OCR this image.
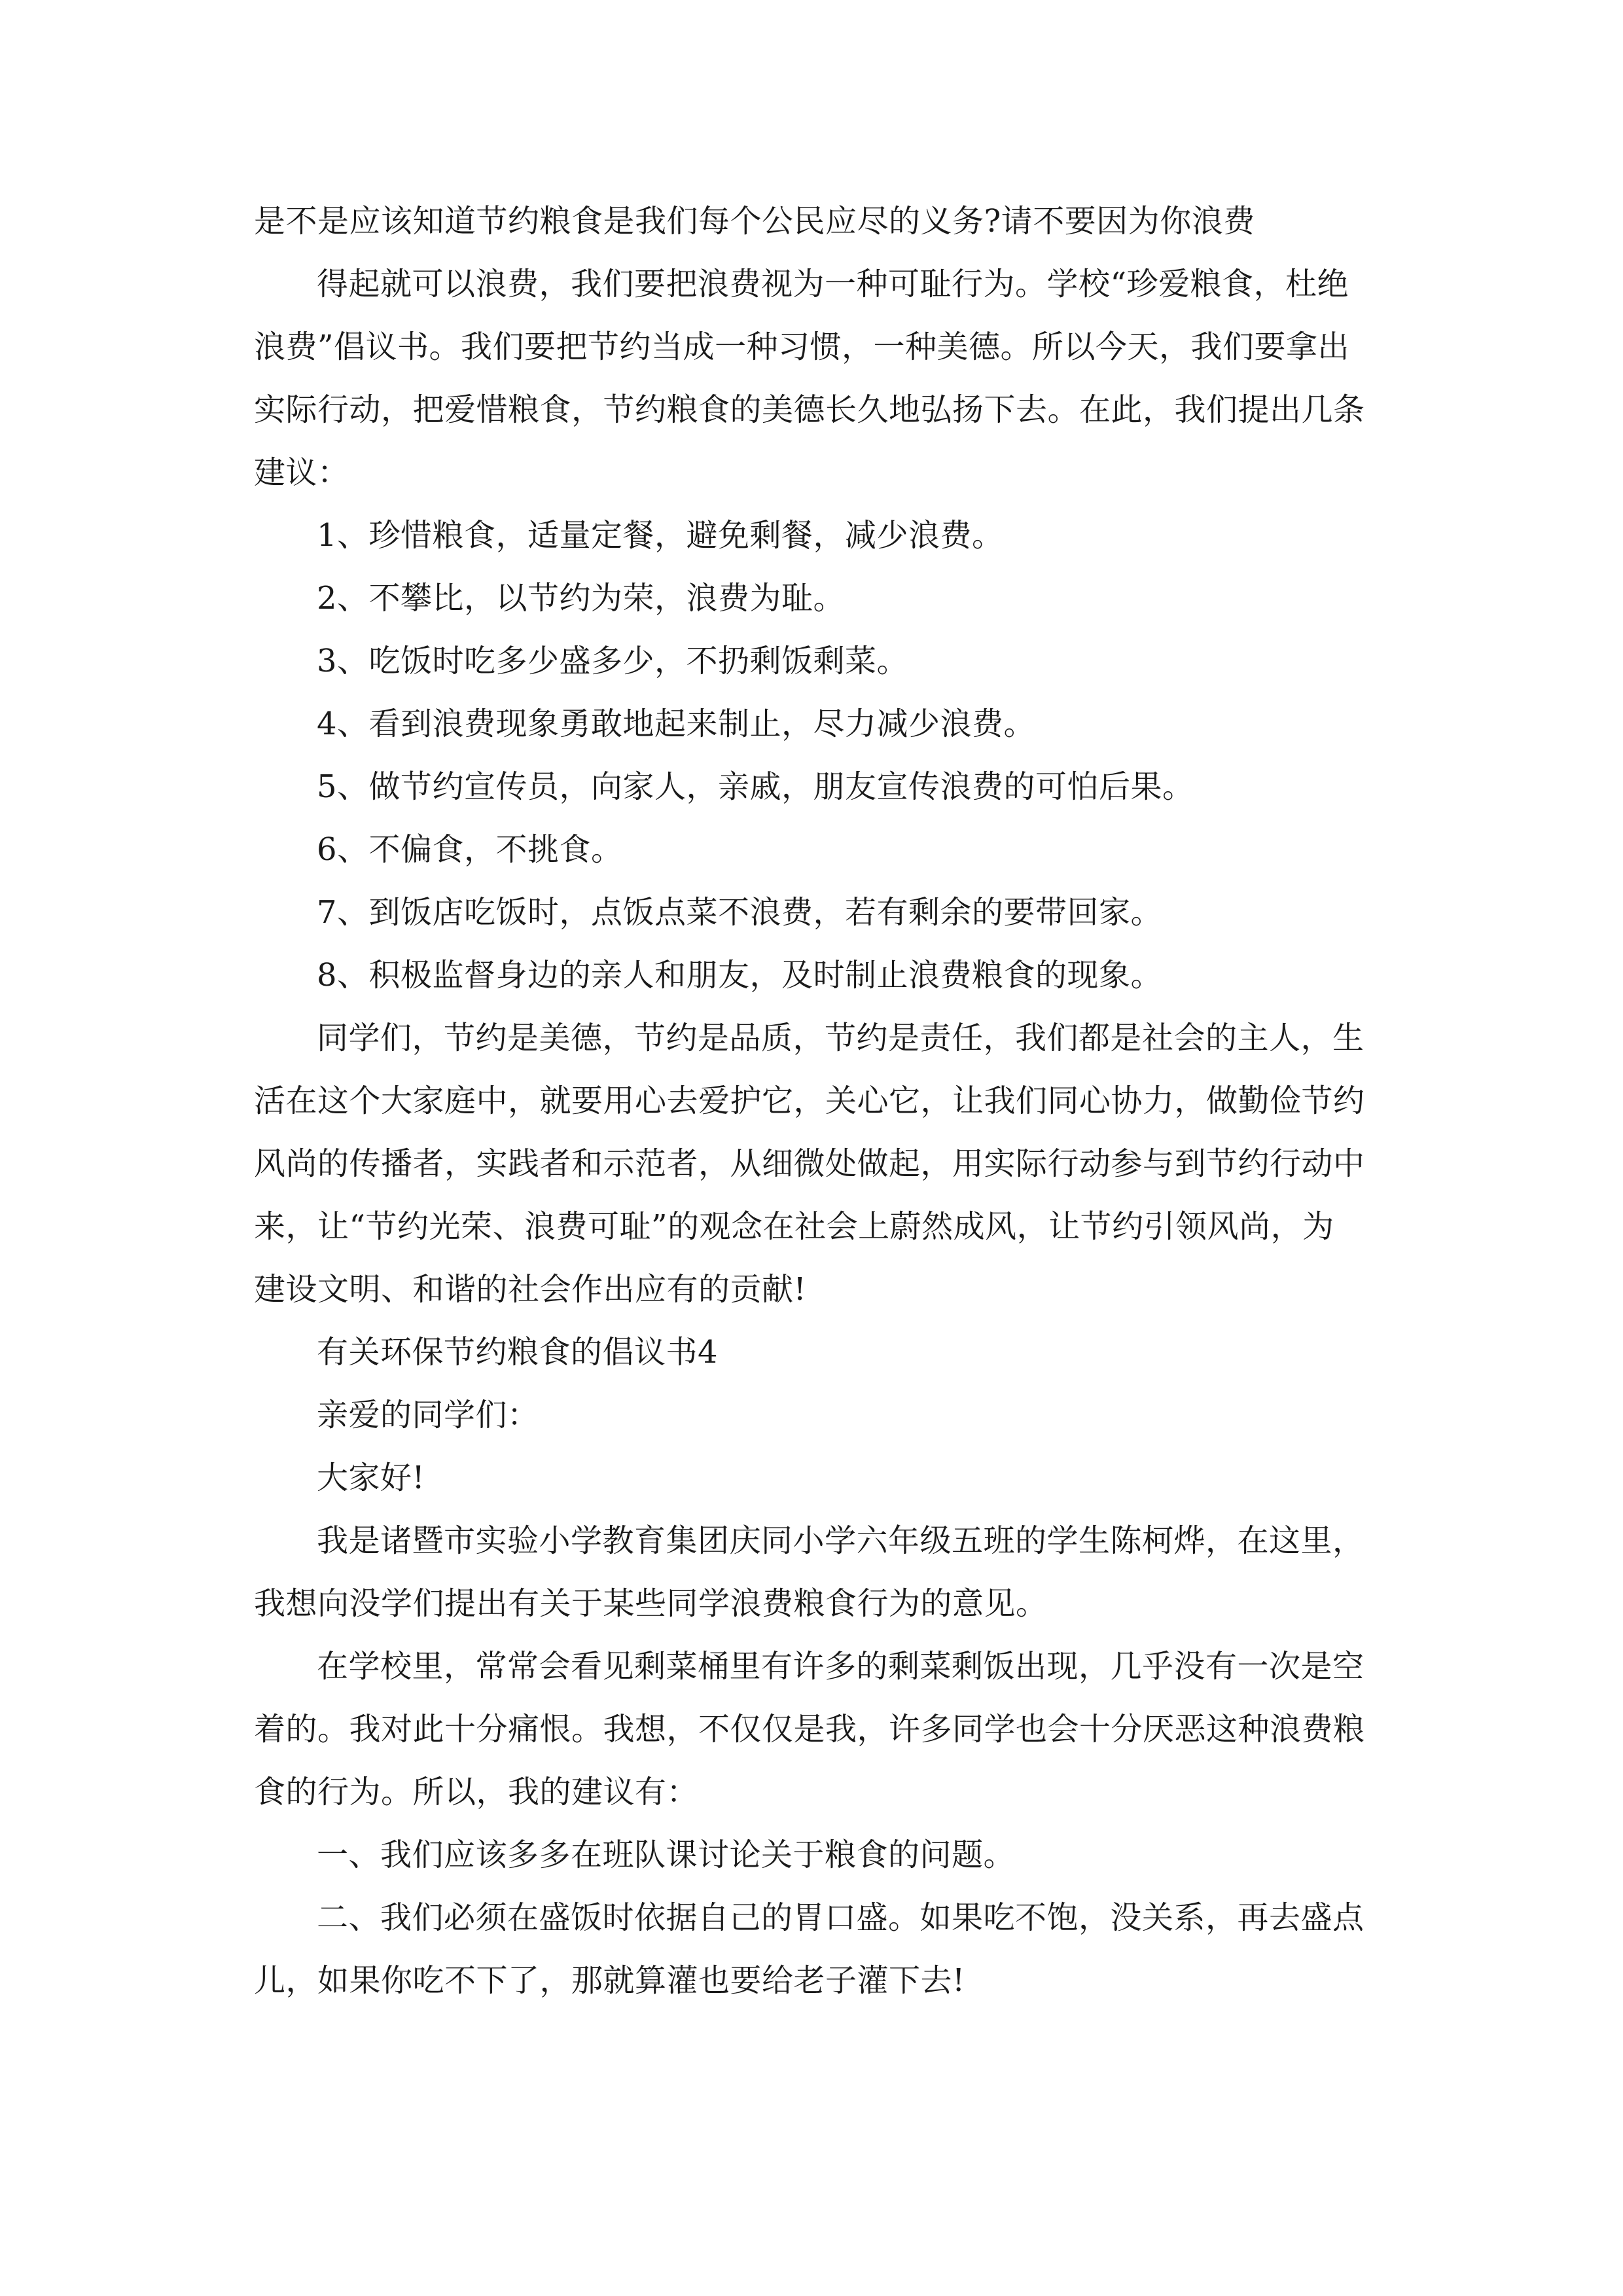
是不是应该知道节约粮食是我们每个公民应尽的义务?请不要因为你浪费
得起就可以浪费，我们要把浪费视为一种可耻行为。学校“珍爱粮食，杜绝
浪费”倡议书。我们要把节约当成一种习惯，一种美德。所以今天，我们要拿出
实际行动，把爱惜粮食，节约粮食的美德长久地弘扬下去。在此，我们提出几条
建议：
1、珍惜粮食，适量定餐，避免剩餐，减少浪费。
2、不攀比，以节约为荣，浪费为耻。
3、吃饭时吃多少盛多少，不扔剩饭剩菜。
4、看到浪费现象勇敢地起来制止，尽力减少浪费。
5、做节约宣传员，向家人，亲戚，朋友宣传浪费的可怕后果。
6、不偏食，不挑食。
7、到饭店吃饭时，点饭点菜不浪费，若有剩余的要带回家。
8、积极监督身边的亲人和朋友，及时制止浪费粮食的现象。
同学们，节约是美德，节约是品质，节约是责任，我们都是社会的主人，生
活在这个大家庭中，就要用心去爱护它，关心它，让我们同心协力，做勤俭节约
风尚的传播者，实践者和示范者，从细微处做起，用实际行动参与到节约行动中
来，让“节约光荣、浪费可耻”的观念在社会上蔚然成风，让节约引领风尚，为
建设文明、和谐的社会作出应有的贡献!
有关环保节约粮食的倡议书4
亲爱的同学们：
大家好!
我是诸暨市实验小学教育集团庆同小学六年级五班的学生陈柯烨，在这里，
我想向没学们提出有关于某些同学浪费粮食行为的意见。
在学校里，常常会看见剩菜桶里有许多的剩菜剩饭出现，几乎没有一次是空
着的。我对此十分痛恨。我想，不仅仅是我，许多同学也会十分厌恶这种浪费粮
食的行为。所以，我的建议有：
一、我们应该多多在班队课讨论关于粮食的问题。
二、我们必须在盛饭时依据自己的胃口盛。如果吃不饱，没关系，再去盛点
儿，如果你吃不下了，那就算灌也要给老子灌下去!
